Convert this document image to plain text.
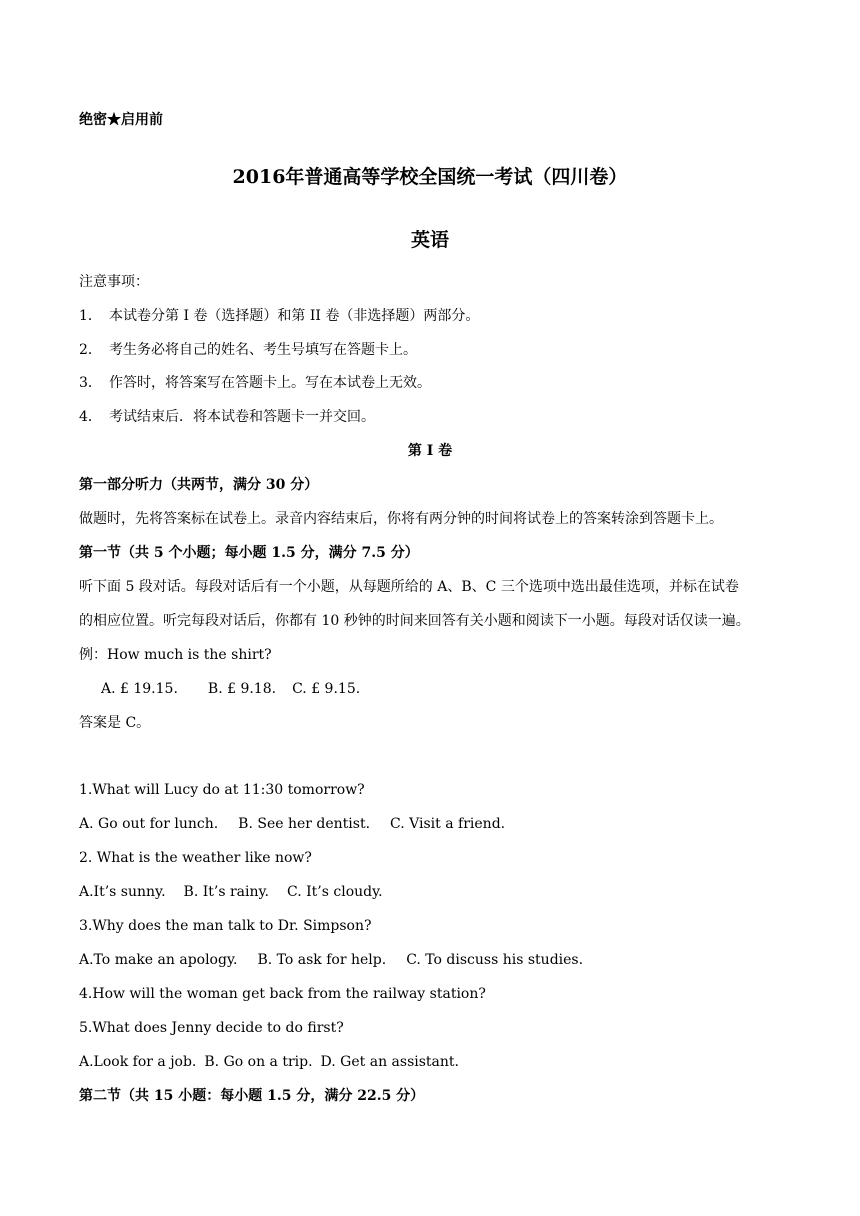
绝密★启用前
2016年普通高等学校全国统一考试（四川卷）
英语
注意事项：
1． 本试卷分第 I 卷（选择题）和第 II 卷（非选择题）两部分。
2． 考生务必将自己的姓名、考生号填写在答题卡上。
3． 作答时，将答案写在答题卡上。写在本试卷上无效。
4． 考试结束后．将本试卷和答题卡一并交回。
第 I 卷
第一部分听力（共两节，满分 30 分）
做题时，先将答案标在试卷上。录音内容结束后，你将有两分钟的时间将试卷上的答案转涂到答题卡上。
第一节（共 5 个小题；每小题 1.5 分，满分 7.5 分）
听下面 5 段对话。每段对话后有一个小题，从每题所给的 A、B、C 三个选项中选出最佳选项，并标在试卷
的相应位置。听完每段对话后，你都有 10 秒钟的时间来回答有关小题和阅读下一小题。每段对话仅读一遍。
例：How much is the shirt?
A. £ 19.15. B. £ 9.18. C. £ 9.15.
答案是 C。
1.What will Lucy do at 11:30 tomorrow?
A. Go out for lunch. B. See her dentist. C. Visit a friend.
2. What is the weather like now?
A.It’s sunny. B. It’s rainy. C. It’s cloudy.
3.Why does the man talk to Dr. Simpson?
A.To make an apology. B. To ask for help. C. To discuss his studies.
4.How will the woman get back from the railway station?
5.What does Jenny decide to do first?
A.Look for a job. B. Go on a trip. D. Get an assistant.
第二节（共 15 小题：每小题 1.5 分，满分 22.5 分）
